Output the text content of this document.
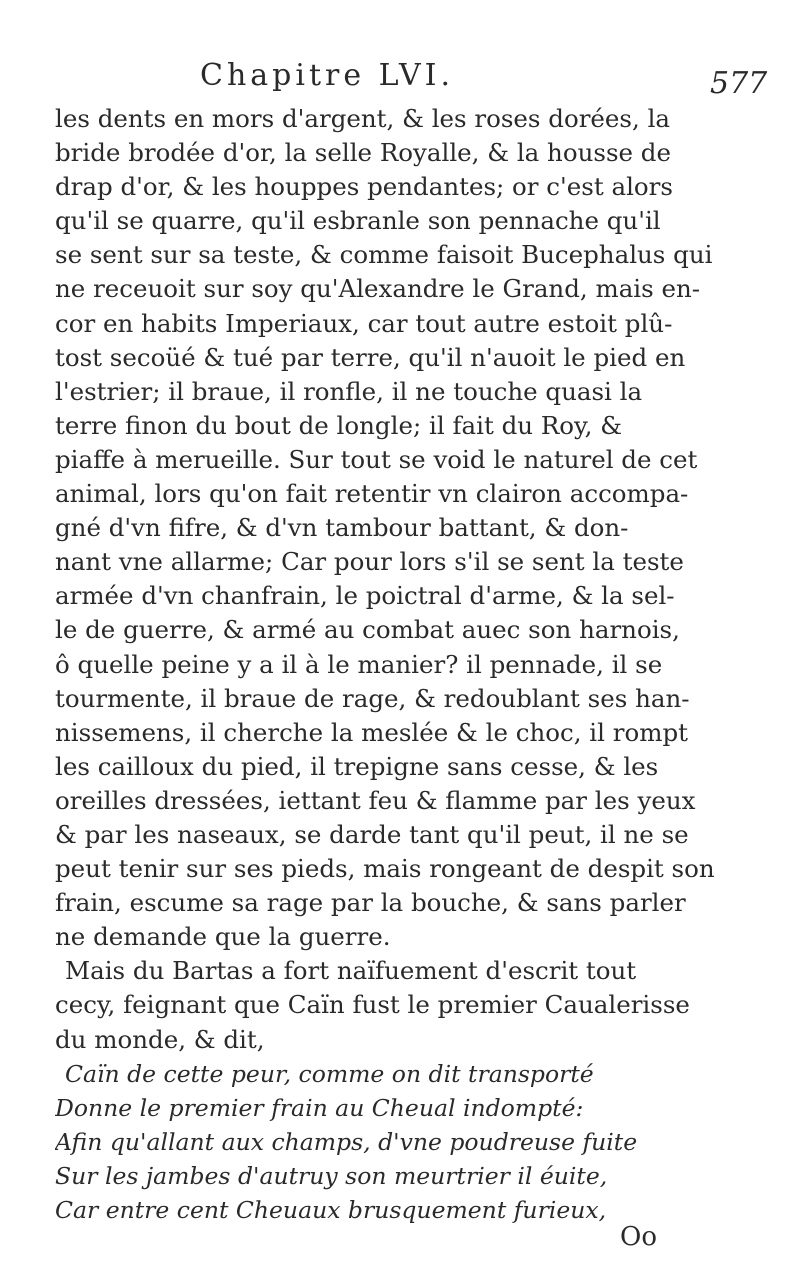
Chapitre LVI.	577
les dents en mors d'argent, & les roses dorées, la
bride brodée d'or, la selle Royalle, & la housse de
drap d'or, & les houppes pendantes; or c'est alors
qu'il se quarre, qu'il esbranle son pennache qu'il
se sent sur sa teste, & comme faisoit Bucephalus qui
ne receuoit sur soy qu'Alexandre le Grand, mais en-
cor en habits Imperiaux, car tout autre estoit plû-
tost secoüé & tué par terre, qu'il n'auoit le pied en
l'estrier; il braue, il ronfle, il ne touche quasi la
terre finon du bout de longle; il fait du Roy, &
piaffe à merueille. Sur tout se void le naturel de cet
animal, lors qu'on fait retentir vn clairon accompa-
gné d'vn fifre, & d'vn tambour battant, & don-
nant vne allarme; Car pour lors s'il se sent la teste
armée d'vn chanfrain, le poictral d'arme, & la sel-
le de guerre, & armé au combat auec son harnois,
ô quelle peine y a il à le manier? il pennade, il se
tourmente, il braue de rage, & redoublant ses han-
nissemens, il cherche la meslée & le choc, il rompt
les cailloux du pied, il trepigne sans cesse, & les
oreilles dressées, iettant feu & flamme par les yeux
& par les naseaux, se darde tant qu'il peut, il ne se
peut tenir sur ses pieds, mais rongeant de despit son
frain, escume sa rage par la bouche, & sans parler
ne demande que la guerre.
Mais du Bartas a fort naïfuement d'escrit tout
cecy, feignant que Caïn fust le premier Caualerisse
du monde, & dit,
Caïn de cette peur, comme on dit transporté
Donne le premier frain au Cheual indompté:
Afin qu'allant aux champs, d'vne poudreuse fuite
Sur les jambes d'autruy son meurtrier il éuite,
Car entre cent Cheuaux brusquement furieux,
Oo
